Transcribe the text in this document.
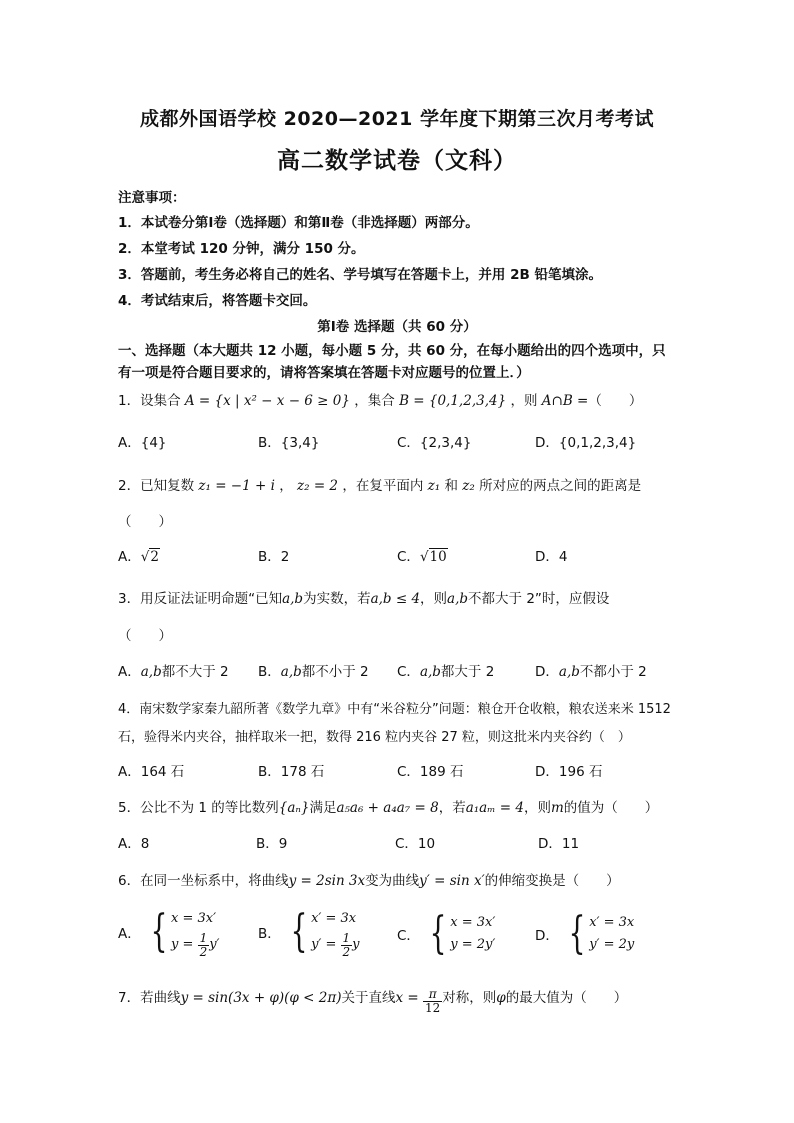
成都外国语学校 2020—2021 学年度下期第三次月考考试
高二数学试卷（文科）
注意事项：
1．本试卷分第Ⅰ卷（选择题）和第Ⅱ卷（非选择题）两部分。
2．本堂考试 120 分钟，满分 150 分。
3．答题前，考生务必将自己的姓名、学号填写在答题卡上，并用 2B 铅笔填涂。
4．考试结束后，将答题卡交回。
第Ⅰ卷 选择题（共 60 分）
一、选择题（本大题共 12 小题，每小题 5 分，共 60 分，在每小题给出的四个选项中，只
有一项是符合题目要求的，请将答案填在答题卡对应题号的位置上．）
1．设集合 A = {x | x² − x − 6 ≥ 0} ，集合 B = {0,1,2,3,4} ，则 A∩B =（　　）
A．{4}	B．{3,4}	C．{2,3,4}	D．{0,1,2,3,4}
2．已知复数 z₁ = −1 + i ， z₂ = 2 ，在复平面内 z₁ 和 z₂ 所对应的两点之间的距离是
（　　）
A．√2	B．2	C．√10	D．4
3．用反证法证明命题“已知a,b为实数，若a,b ≤ 4，则a,b不都大于 2”时，应假设
（　　）
A．a,b都不大于 2 B．a,b都不小于 2 C．a,b都大于 2	D．a,b不都小于 2
4．南宋数学家秦九韶所著《数学九章》中有“米谷粒分”问题：粮仓开仓收粮，粮农送来米 1512
石，验得米内夹谷，抽样取米一把，数得 216 粒内夹谷 27 粒，则这批米内夹谷约（　）
A．164 石	B．178 石	C．189 石	D．196 石
5．公比不为 1 的等比数列{aₙ}满足a₅a₆ + a₄a₇ = 8，若a₁aₘ = 4，则m的值为（　　）
A．8	B．9	C．10	D．11
6．在同一坐标系中，将曲线y = 2sin 3x变为曲线y′ = sin x′的伸缩变换是（　　）
A． { x = 3x′
y =
$\frac{1}{2} y'$
B． { x′ = 3x
y′ =
$\frac{1}{2}$ y
C． { x = 3x′
y = 2y′
D． { x′ = 3x
y′ = 2y
7．若曲线y = sin(3x + φ)(φ < 2π)关于直线$x = \frac{\pi}{12}$ 对称，则φ的最大值为（　　）
